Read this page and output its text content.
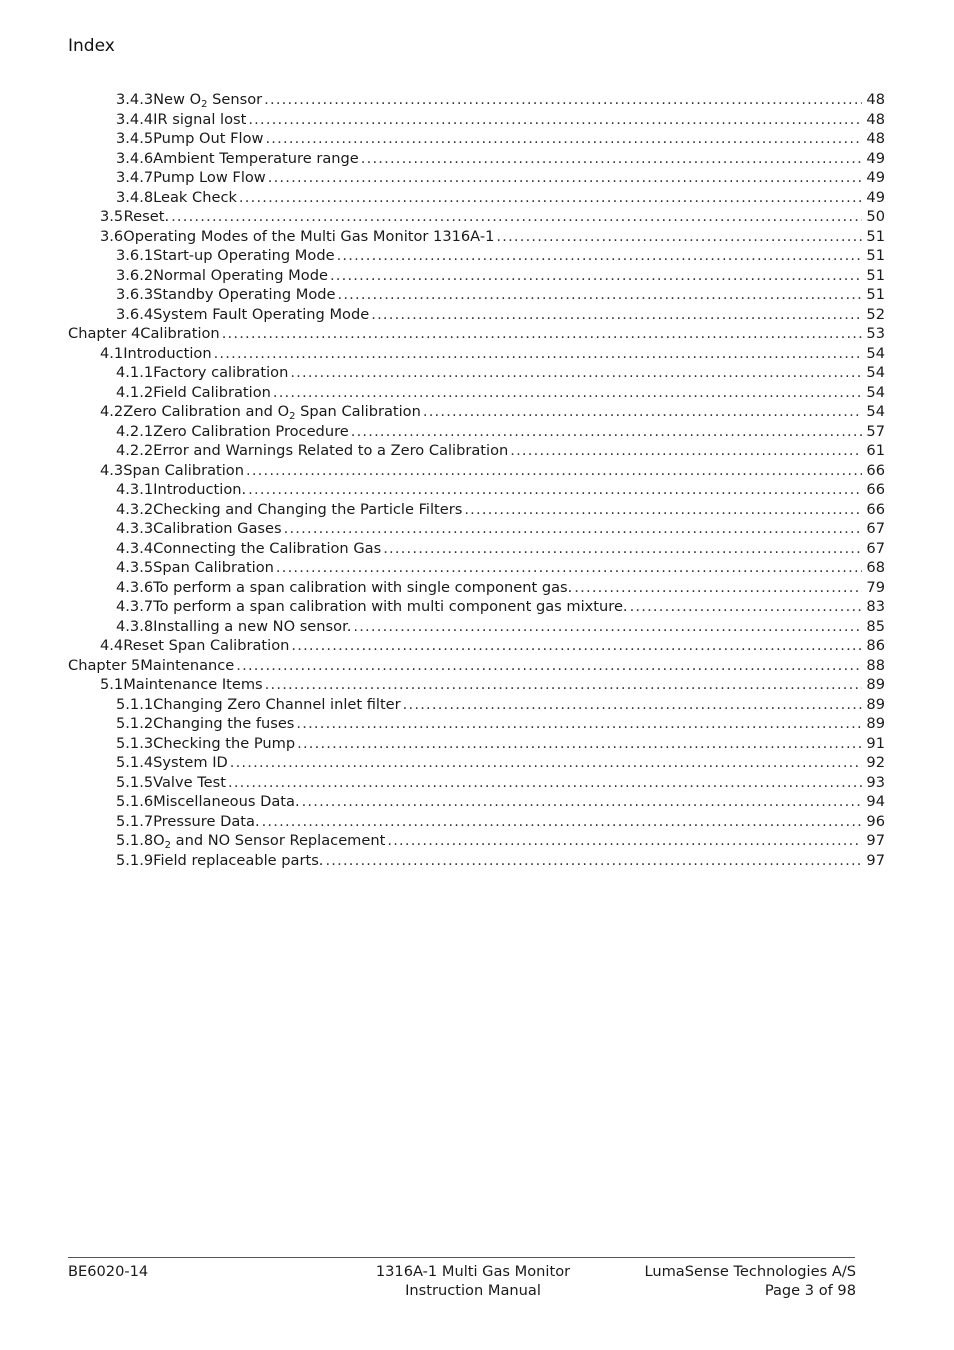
Index
3.4.3 New $O_2$ Sensor .....	48
3.4.4 IR signal lost .....	48
3.4.5 Pump Out Flow .....	48
3.4.6 Ambient Temperature range .....	49
3.4.7 Pump Low Flow .....	49
3.4.8 Leak Check .....	49
3.5 Reset. .....	50
3.6 Operating Modes of the Multi Gas Monitor 1316A-1 .....	51
3.6.1 Start-up Operating Mode .....	51
3.6.2 Normal Operating Mode .....	51
3.6.3 Standby Operating Mode .....	51
3.6.4 System Fault Operating Mode .....	52
Chapter 4 Calibration .....	53
4.1 Introduction .....	54
4.1.1 Factory calibration .....	54
4.1.2 Field Calibration .....	54
4.2 Zero Calibration and $O_2$ Span Calibration .....	54
4.2.1 Zero Calibration Procedure .....	57
4.2.2 Error and Warnings Related to a Zero Calibration .....	61
4.3 Span Calibration .....	66
4.3.1 Introduction. .....	66
4.3.2 Checking and Changing the Particle Filters .....	66
4.3.3 Calibration Gases .....	67
4.3.4 Connecting the Calibration Gas .....	67
4.3.5 Span Calibration .....	68
4.3.6 To perform a span calibration with single component gas. .....	79
4.3.7 To perform a span calibration with multi component gas mixture. .....	83
4.3.8 Installing a new NO sensor. .....	85
4.4 Reset Span Calibration .....	86
Chapter 5 Maintenance .....	88
5.1 Maintenance Items .....	89
5.1.1 Changing Zero Channel inlet filter .....	89
5.1.2 Changing the fuses .....	89
5.1.3 Checking the Pump .....	91
5.1.4 System ID .....	92
5.1.5 Valve Test .....	93
5.1.6 Miscellaneous Data. .....	94
5.1.7 Pressure Data. .....	96
5.1.8 $O_2$ and NO Sensor Replacement .....	97
5.1.9 Field replaceable parts. .....	97
BE6020-14	1316A-1 Multi Gas Monitor
Instruction Manual
LumaSense Technologies A/S
Page 3 of 98
